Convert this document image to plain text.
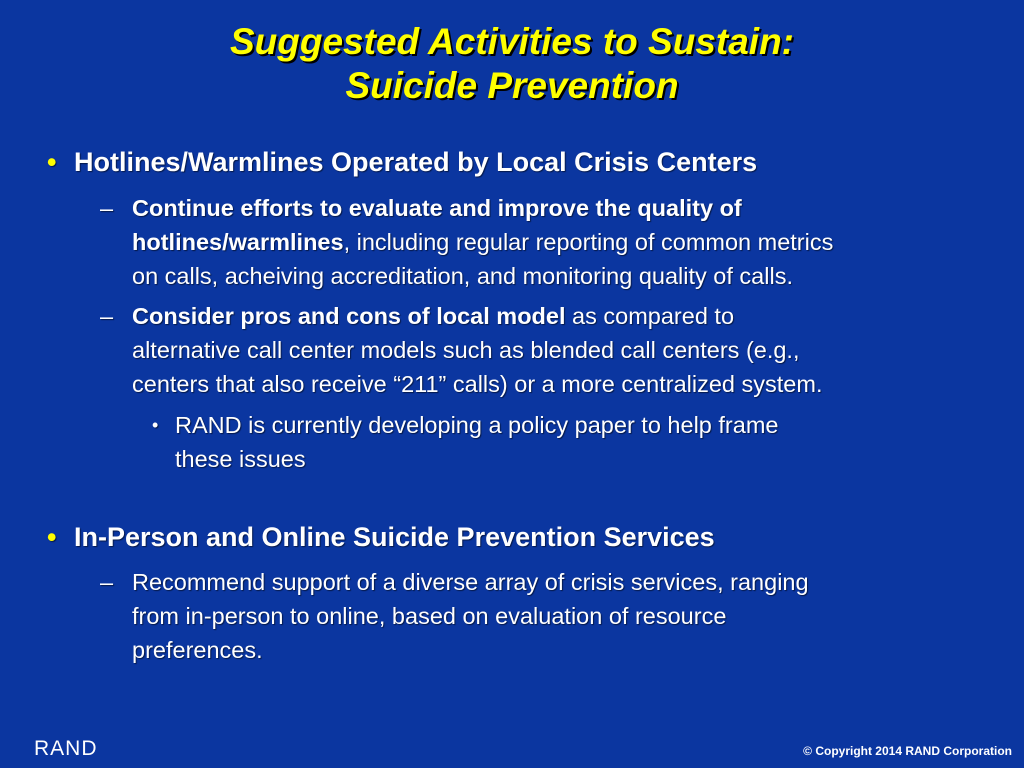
Suggested Activities to Sustain:
Suicide Prevention
• Hotlines/Warmlines Operated by Local Crisis Centers
– Continue efforts to evaluate and improve the quality of
hotlines/warmlines, including regular reporting of common metrics
on calls, acheiving accreditation, and monitoring quality of calls.
– Consider pros and cons of local model as compared to
alternative call center models such as blended call centers (e.g.,
centers that also receive “211” calls) or a more centralized system.
• RAND is currently developing a policy paper to help frame
these issues
• In-Person and Online Suicide Prevention Services
– Recommend support of a diverse array of crisis services, ranging
from in-person to online, based on evaluation of resource
preferences.
RAND	© Copyright 2014 RAND Corporation
